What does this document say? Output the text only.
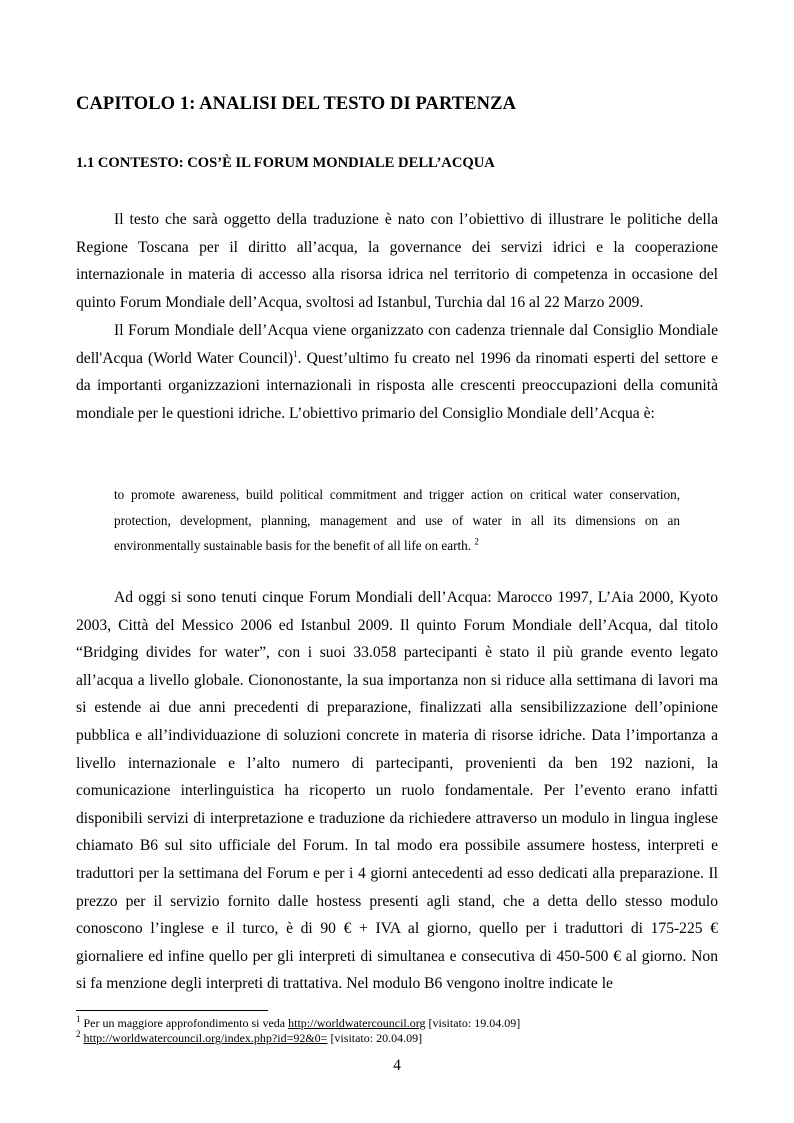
CAPITOLO 1: ANALISI DEL TESTO DI PARTENZA
1.1 CONTESTO: COS’È IL FORUM MONDIALE DELL’ACQUA

Il testo che sarà oggetto della traduzione è nato con l’obiettivo di illustrare le politiche della Regione Toscana per il diritto all’acqua, la governance dei servizi idrici e la cooperazione internazionale in materia di accesso alla risorsa idrica nel territorio di competenza in occasione del quinto Forum Mondiale dell’Acqua, svoltosi ad Istanbul, Turchia dal 16 al 22 Marzo 2009.

Il Forum Mondiale dell’Acqua viene organizzato con cadenza triennale dal Consiglio Mondiale dell'Acqua (World Water Council)$^1$. Quest’ultimo fu creato nel 1996 da rinomati esperti del settore e da importanti organizzazioni internazionali in risposta alle crescenti preoccupazioni della comunità mondiale per le questioni idriche. L’obiettivo primario del Consiglio Mondiale dell’Acqua è:

to promote awareness, build political commitment and trigger action on critical water conservation, protection, development, planning, management and use of water in all its dimensions on an environmentally sustainable basis for the benefit of all life on earth. $^2$

Ad oggi si sono tenuti cinque Forum Mondiali dell’Acqua: Marocco 1997, L’Aia 2000, Kyoto 2003, Città del Messico 2006 ed Istanbul 2009. Il quinto Forum Mondiale dell’Acqua, dal titolo “Bridging divides for water”, con i suoi 33.058 partecipanti è stato il più grande evento legato all’acqua a livello globale. Ciononostante, la sua importanza non si riduce alla settimana di lavori ma si estende ai due anni precedenti di preparazione, finalizzati alla sensibilizzazione dell’opinione pubblica e all’individuazione di soluzioni concrete in materia di risorse idriche. Data l’importanza a livello internazionale e l’alto numero di partecipanti, provenienti da ben 192 nazioni, la comunicazione interlinguistica ha ricoperto un ruolo fondamentale. Per l’evento erano infatti disponibili servizi di interpretazione e traduzione da richiedere attraverso un modulo in lingua inglese chiamato B6 sul sito ufficiale del Forum. In tal modo era possibile assumere hostess, interpreti e traduttori per la settimana del Forum e per i 4 giorni antecedenti ad esso dedicati alla preparazione. Il prezzo per il servizio fornito dalle hostess presenti agli stand, che a detta dello stesso modulo conoscono l’inglese e il turco, è di 90 € + IVA al giorno, quello per i traduttori di 175-225 € giornaliere ed infine quello per gli interpreti di simultanea e consecutiva di 450-500 € al giorno. Non si fa menzione degli interpreti di trattativa. Nel modulo B6 vengono inoltre indicate le

$^1$ Per un maggiore approfondimento si veda http://worldwatercouncil.org [visitato: 19.04.09]

$^2$ http://worldwatercouncil.org/index.php?id=92&0= [visitato: 20.04.09]

4
